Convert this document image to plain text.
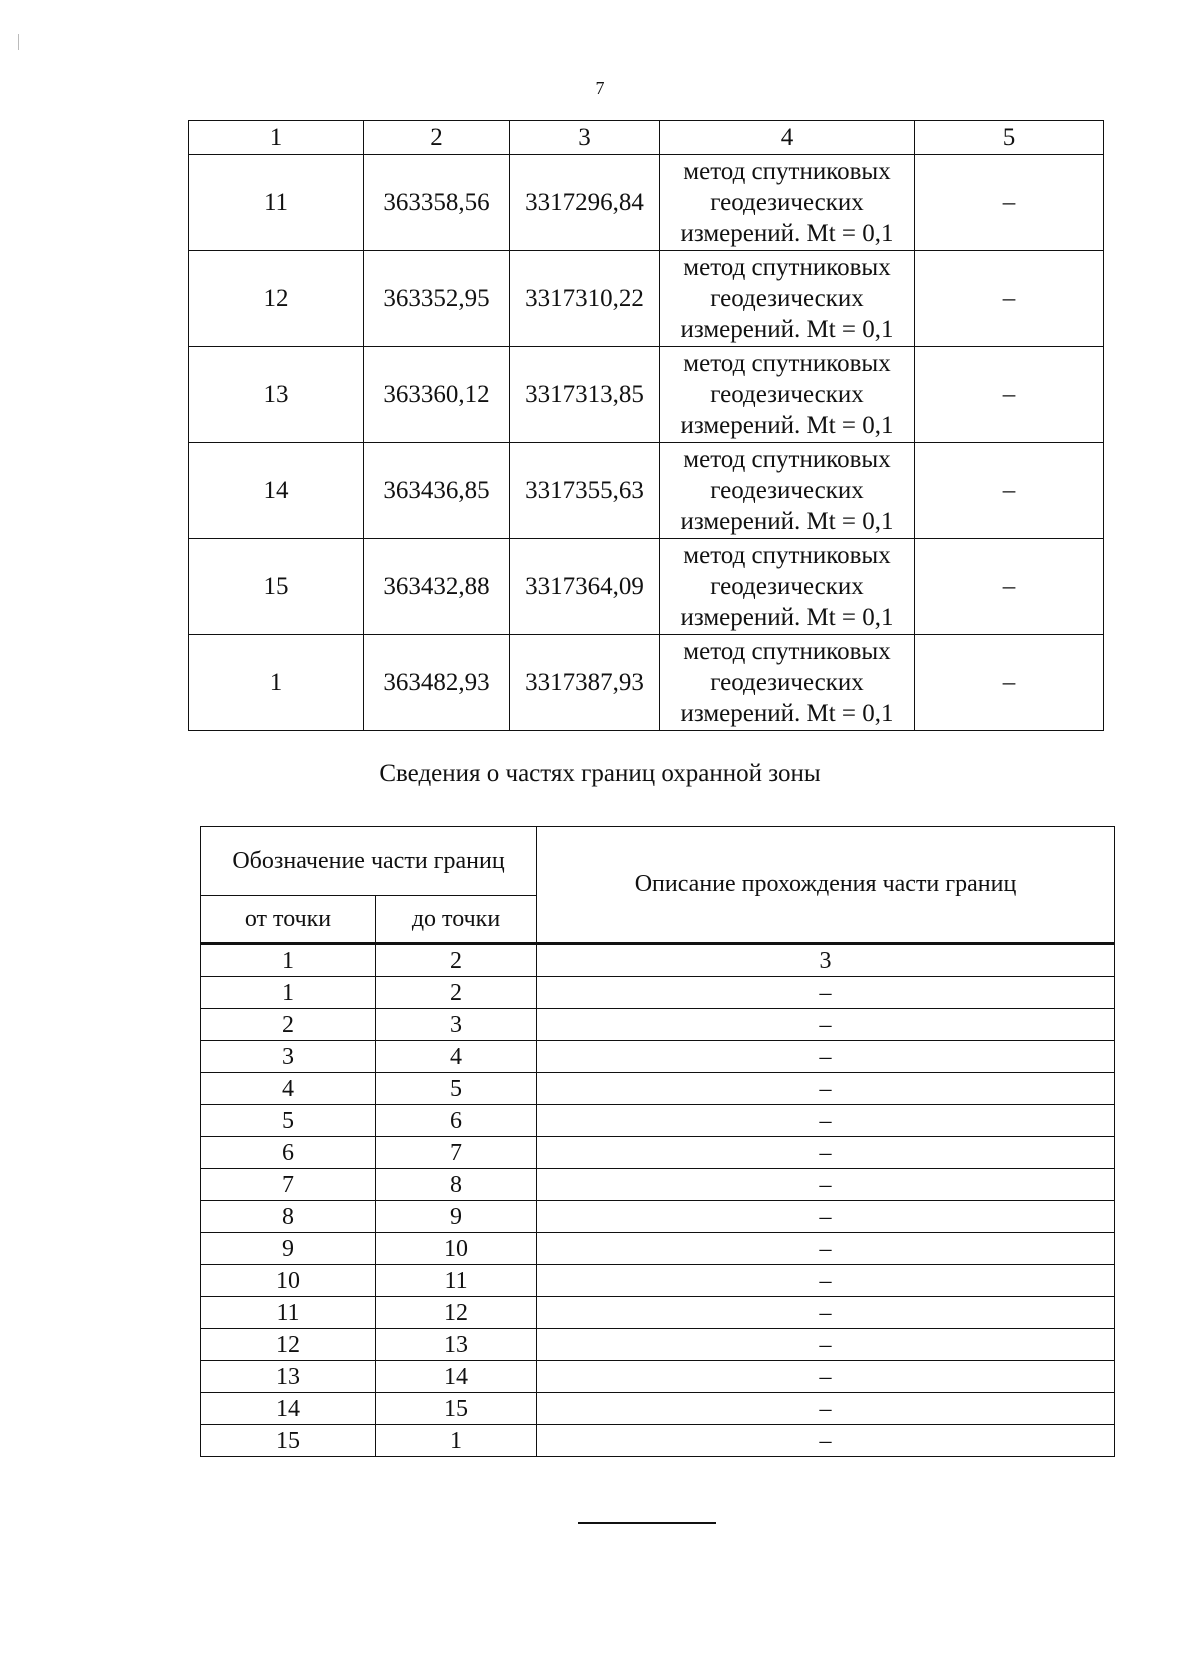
7
1	2	3	4	5
11	363358,56	3317296,84	метод спутниковых
геодезических
измерений. Mt = 0,1	–
12	363352,95	3317310,22	метод спутниковых
геодезических
измерений. Mt = 0,1	–
13	363360,12	3317313,85	метод спутниковых
геодезических
измерений. Mt = 0,1	–
14	363436,85	3317355,63	метод спутниковых
геодезических
измерений. Mt = 0,1	–
15	363432,88	3317364,09	метод спутниковых
геодезических
измерений. Mt = 0,1	–
1	363482,93	3317387,93	метод спутниковых
геодезических
измерений. Mt = 0,1	–
Сведения о частях границ охранной зоны
Обозначение части границ		Описание прохождения части границ
от точки	до точки	
1	2	3
1	2	–
2	3	–
3	4	–
4	5	–
5	6	–
6	7	–
7	8	–
8	9	–
9	10	–
10	11	–
11	12	–
12	13	–
13	14	–
14	15	–
15	1	–
